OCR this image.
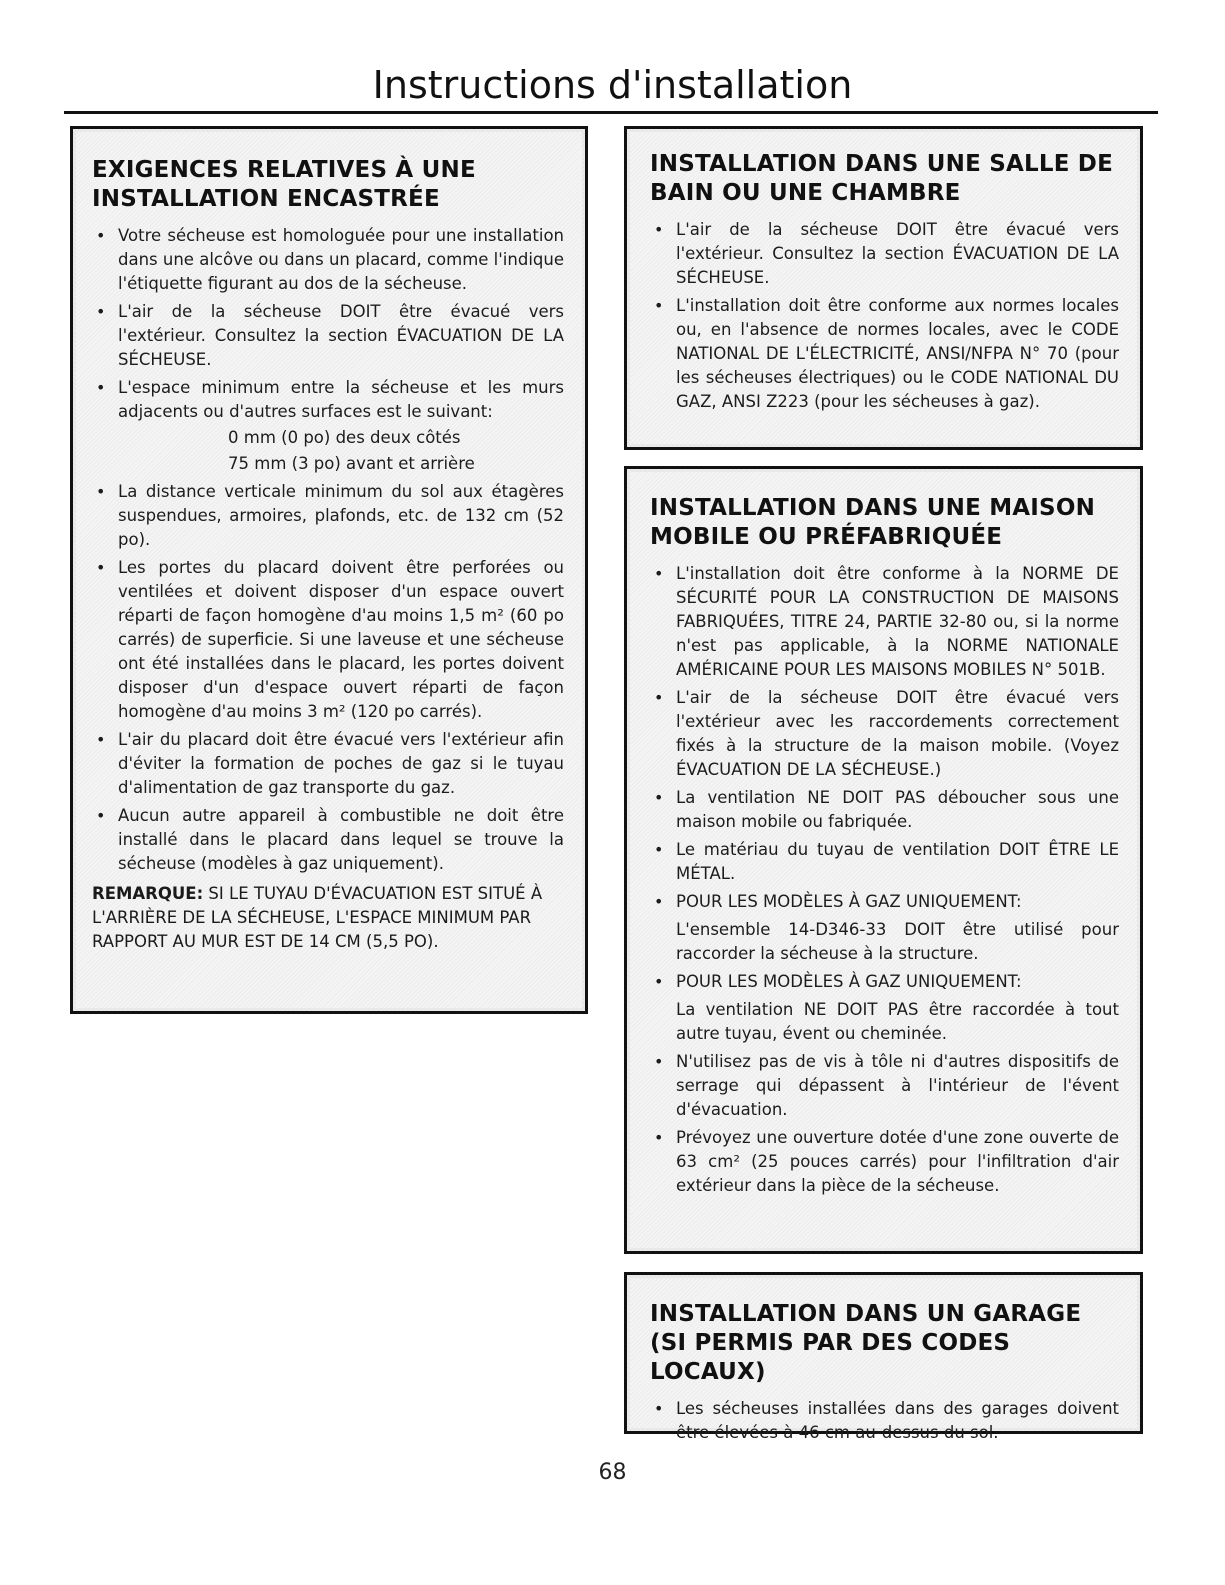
Instructions d'installation
EXIGENCES RELATIVES À UNE INSTALLATION ENCASTRÉE
• Votre sécheuse est homologuée pour une installation dans une alcôve ou dans un placard, comme l'indique l'étiquette figurant au dos de la sécheuse.
• L'air de la sécheuse DOIT être évacué vers l'extérieur. Consultez la section ÉVACUATION DE LA SÉCHEUSE.
• L'espace minimum entre la sécheuse et les murs adjacents ou d'autres surfaces est le suivant:
0 mm (0 po) des deux côtés
75 mm (3 po) avant et arrière
• La distance verticale minimum du sol aux étagères suspendues, armoires, plafonds, etc. de 132 cm (52 po).
• Les portes du placard doivent être perforées ou ventilées et doivent disposer d'un espace ouvert réparti de façon homogène d'au moins 1,5 m² (60 po carrés) de superficie. Si une laveuse et une sécheuse ont été installées dans le placard, les portes doivent disposer d'un d'espace ouvert réparti de façon homogène d'au moins 3 m² (120 po carrés).
• L'air du placard doit être évacué vers l'extérieur afin d'éviter la formation de poches de gaz si le tuyau d'alimentation de gaz transporte du gaz.
• Aucun autre appareil à combustible ne doit être installé dans le placard dans lequel se trouve la sécheuse (modèles à gaz uniquement).
REMARQUE: SI LE TUYAU D'ÉVACUATION EST SITUÉ À L'ARRIÈRE DE LA SÉCHEUSE, L'ESPACE MINIMUM PAR RAPPORT AU MUR EST DE 14 CM (5,5 PO).
INSTALLATION DANS UNE SALLE DE BAIN OU UNE CHAMBRE
• L'air de la sécheuse DOIT être évacué vers l'extérieur. Consultez la section ÉVACUATION DE LA SÉCHEUSE.
• L'installation doit être conforme aux normes locales ou, en l'absence de normes locales, avec le CODE NATIONAL DE L'ÉLECTRICITÉ, ANSI/NFPA N° 70 (pour les sécheuses électriques) ou le CODE NATIONAL DU GAZ, ANSI Z223 (pour les sécheuses à gaz).
INSTALLATION DANS UNE MAISON MOBILE OU PRÉFABRIQUÉE
• L'installation doit être conforme à la NORME DE SÉCURITÉ POUR LA CONSTRUCTION DE MAISONS FABRIQUÉES, TITRE 24, PARTIE 32-80 ou, si la norme n'est pas applicable, à la NORME NATIONALE AMÉRICAINE POUR LES MAISONS MOBILES N° 501B.
• L'air de la sécheuse DOIT être évacué vers l'extérieur avec les raccordements correctement fixés à la structure de la maison mobile. (Voyez ÉVACUATION DE LA SÉCHEUSE.)
• La ventilation NE DOIT PAS déboucher sous une maison mobile ou fabriquée.
• Le matériau du tuyau de ventilation DOIT ÊTRE LE MÉTAL.
• POUR LES MODÈLES À GAZ UNIQUEMENT:
L'ensemble 14-D346-33 DOIT être utilisé pour raccorder la sécheuse à la structure.
• POUR LES MODÈLES À GAZ UNIQUEMENT:
La ventilation NE DOIT PAS être raccordée à tout autre tuyau, évent ou cheminée.
• N'utilisez pas de vis à tôle ni d'autres dispositifs de serrage qui dépassent à l'intérieur de l'évent d'évacuation.
• Prévoyez une ouverture dotée d'une zone ouverte de 63 cm² (25 pouces carrés) pour l'infiltration d'air extérieur dans la pièce de la sécheuse.
INSTALLATION DANS UN GARAGE (SI PERMIS PAR DES CODES LOCAUX)
• Les sécheuses installées dans des garages doivent être élevées à 46 cm au-dessus du sol.
68
